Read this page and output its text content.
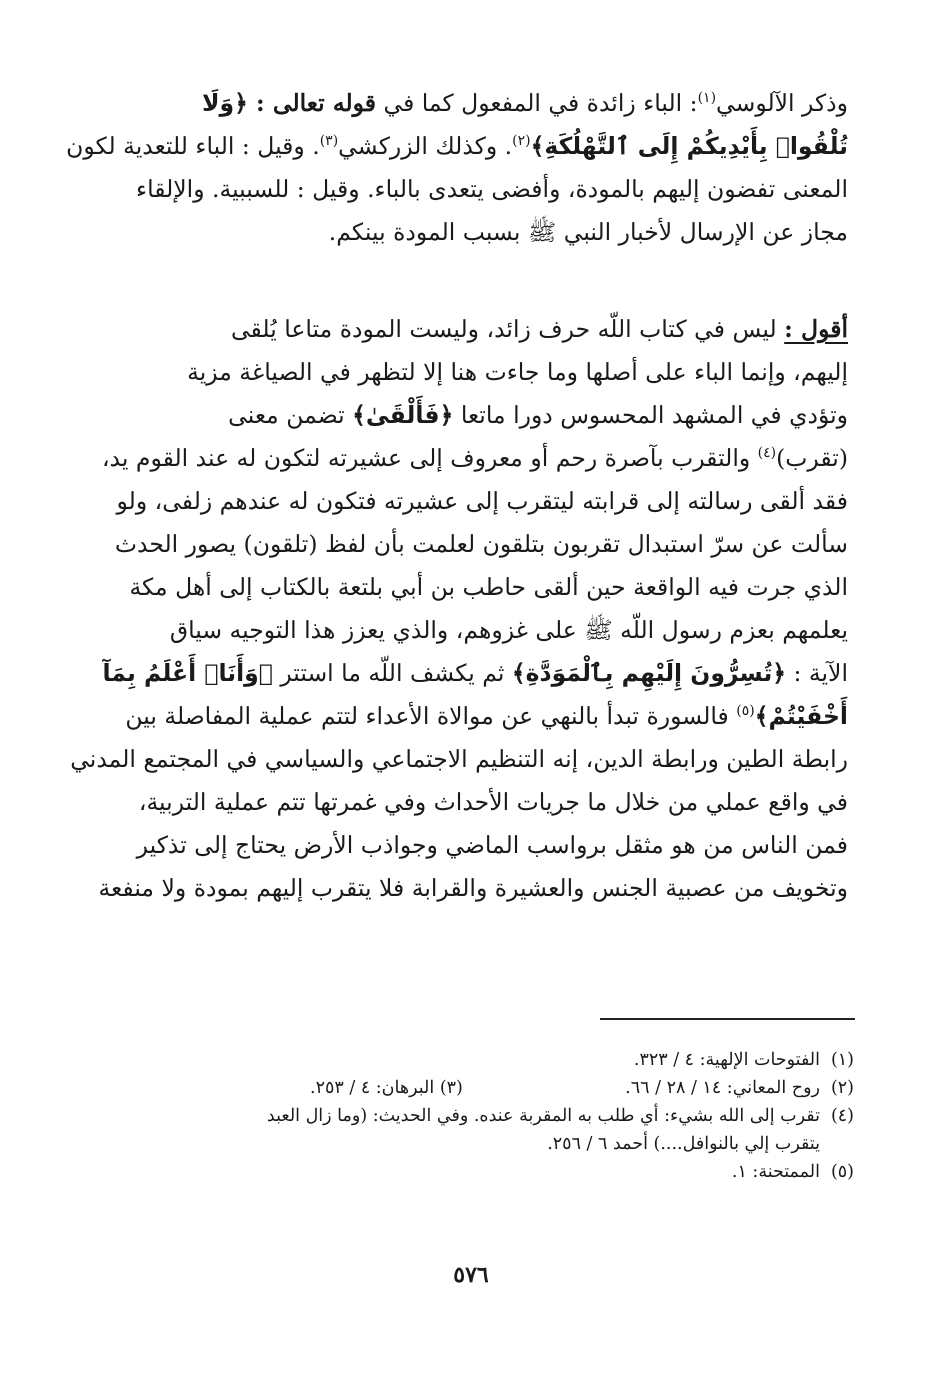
وذكر الآلوسي$^{(١)}$: الباء زائدة في المفعول كما في قوله تعالى : ﴿وَلَا
تُلْقُوا۟ بِأَيْدِيكُمْ إِلَى ٱلتَّهْلُكَةِ﴾$^{(٢)}$. وكذلك الزركشي$^{(٣)}$. وقيل : الباء للتعدية لكون
المعنى تفضون إليهم بالمودة، وأفضى يتعدى بالباء. وقيل : للسببية. والإلقاء
مجاز عن الإرسال لأخبار النبي ﷺ بسبب المودة بينكم.
أقول : ليس في كتاب اللّه حرف زائد، وليست المودة متاعا يُلقى
إليهم، وإنما الباء على أصلها وما جاءت هنا إلا لتظهر في الصياغة مزية
وتؤدي في المشهد المحسوس دورا ماتعا ﴿فَأَلْقَىٰ﴾ تضمن معنى
(تقرب)$^{(٤)}$ والتقرب بآصرة رحم أو معروف إلى عشيرته لتكون له عند القوم يد،
فقد ألقى رسالته إلى قرابته ليتقرب إلى عشيرته فتكون له عندهم زلفى، ولو
سألت عن سرّ استبدال تقربون بتلقون لعلمت بأن لفظ (تلقون) يصور الحدث
الذي جرت فيه الواقعة حين ألقى حاطب بن أبي بلتعة بالكتاب إلى أهل مكة
يعلمهم بعزم رسول اللّه ﷺ على غزوهم، والذي يعزز هذا التوجيه سياق
الآية : ﴿تُسِرُّونَ إِلَيْهِم بِٱلْمَوَدَّةِ﴾ ثم يكشف اللّه ما استتر ﴿وَأَنَا۠ أَعْلَمُ بِمَآ
أَخْفَيْتُمْ﴾$^{(٥)}$ فالسورة تبدأ بالنهي عن موالاة الأعداء لتتم عملية المفاصلة بين
رابطة الطين ورابطة الدين، إنه التنظيم الاجتماعي والسياسي في المجتمع المدني
في واقع عملي من خلال ما جريات الأحداث وفي غمرتها تتم عملية التربية،
فمن الناس من هو مثقل برواسب الماضي وجواذب الأرض يحتاج إلى تذكير
وتخويف من عصبية الجنس والعشيرة والقرابة فلا يتقرب إليهم بمودة ولا منفعة
(١)الفتوحات الإلهية: ٤ / ٣٢٣.
(٢)روح المعاني: ١٤ / ٢٨ / ٦٦.
(٣) البرهان: ٤ / ٢٥٣.
(٤)تقرب إلى الله بشيء: أي طلب به المقربة عنده. وفي الحديث: (وما زال العبد
يتقرب إلي بالنوافل....) أحمد ٦ / ٢٥٦.
(٥)الممتحنة: ١.
٥٧٦
